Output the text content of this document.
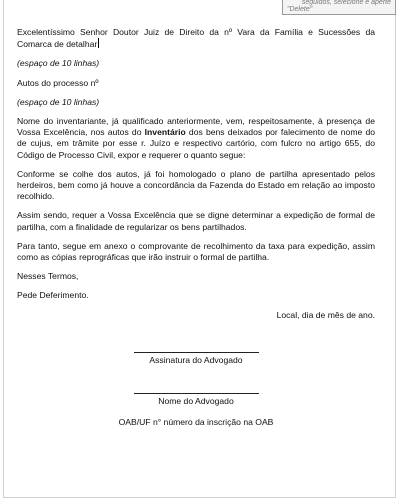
seguidos, selecione e aperte
"Delete"

Excelentíssimo Senhor Doutor Juiz de Direito da nº Vara da Família e Sucessões da Comarca de detalhar

(espaço de 10 linhas)

Autos do processo nº

(espaço de 10 linhas)

Nome do inventariante, já qualificado anteriormente, vem, respeitosamente, à presença de Vossa Excelência, nos autos do Inventário dos bens deixados por falecimento de nome do de cujus, em trâmite por esse r. Juízo e respectivo cartório, com fulcro no artigo 655, do Código de Processo Civil, expor e requerer o quanto segue:

Conforme se colhe dos autos, já foi homologado o plano de partilha apresentado pelos herdeiros, bem como já houve a concordância da Fazenda do Estado em relação ao imposto recolhido.

Assim sendo, requer a Vossa Excelência que se digne determinar a expedição de formal de partilha, com a finalidade de regularizar os bens partilhados.

Para tanto, segue em anexo o comprovante de recolhimento da taxa para expedição, assim como as cópias reprográficas que irão instruir o formal de partilha.

Nesses Termos,

Pede Deferimento.

Local, dia de mês de ano.

Assinatura do Advogado

Nome do Advogado

OAB/UF n° número da inscrição na OAB
